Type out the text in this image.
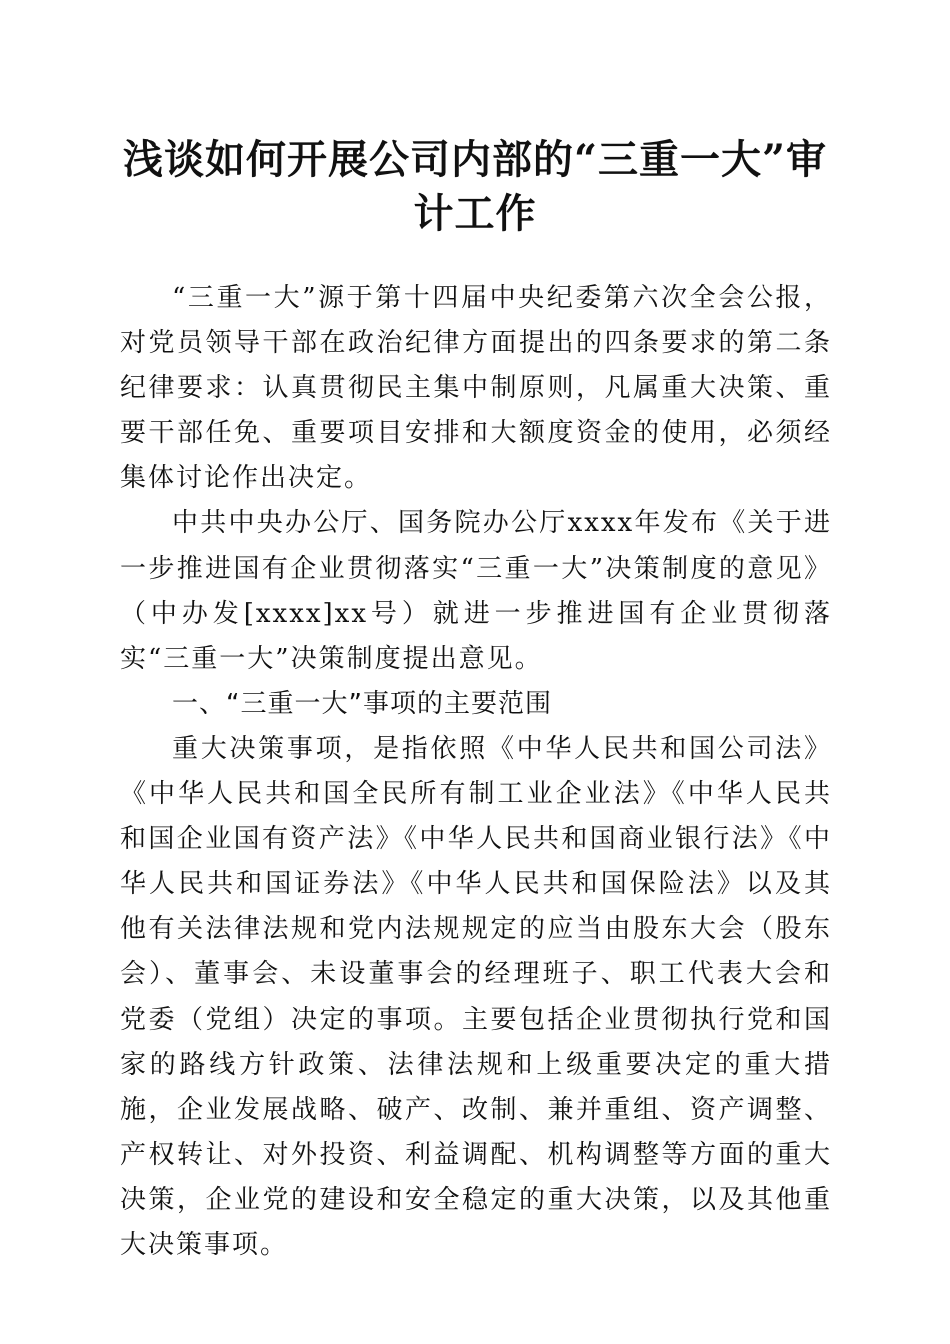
浅谈如何开展公司内部的“三重一大”审计工作

“三重一大”源于第十四届中央纪委第六次全会公报，对党员领导干部在政治纪律方面提出的四条要求的第二条纪律要求：认真贯彻民主集中制原则，凡属重大决策、重要干部任免、重要项目安排和大额度资金的使用，必须经集体讨论作出决定。

中共中央办公厅、国务院办公厅xxxx年发布《关于进一步推进国有企业贯彻落实“三重一大”决策制度的意见》（中办发[xxxx]xx号）就进一步推进国有企业贯彻落实“三重一大”决策制度提出意见。

一、“三重一大”事项的主要范围

重大决策事项，是指依照《中华人民共和国公司法》《中华人民共和国全民所有制工业企业法》《中华人民共和国企业国有资产法》《中华人民共和国商业银行法》《中华人民共和国证券法》《中华人民共和国保险法》以及其他有关法律法规和党内法规规定的应当由股东大会（股东会）、董事会、未设董事会的经理班子、职工代表大会和党委（党组）决定的事项。主要包括企业贯彻执行党和国家的路线方针政策、法律法规和上级重要决定的重大措施，企业发展战略、破产、改制、兼并重组、资产调整、产权转让、对外投资、利益调配、机构调整等方面的重大决策，企业党的建设和安全稳定的重大决策，以及其他重大决策事项。
